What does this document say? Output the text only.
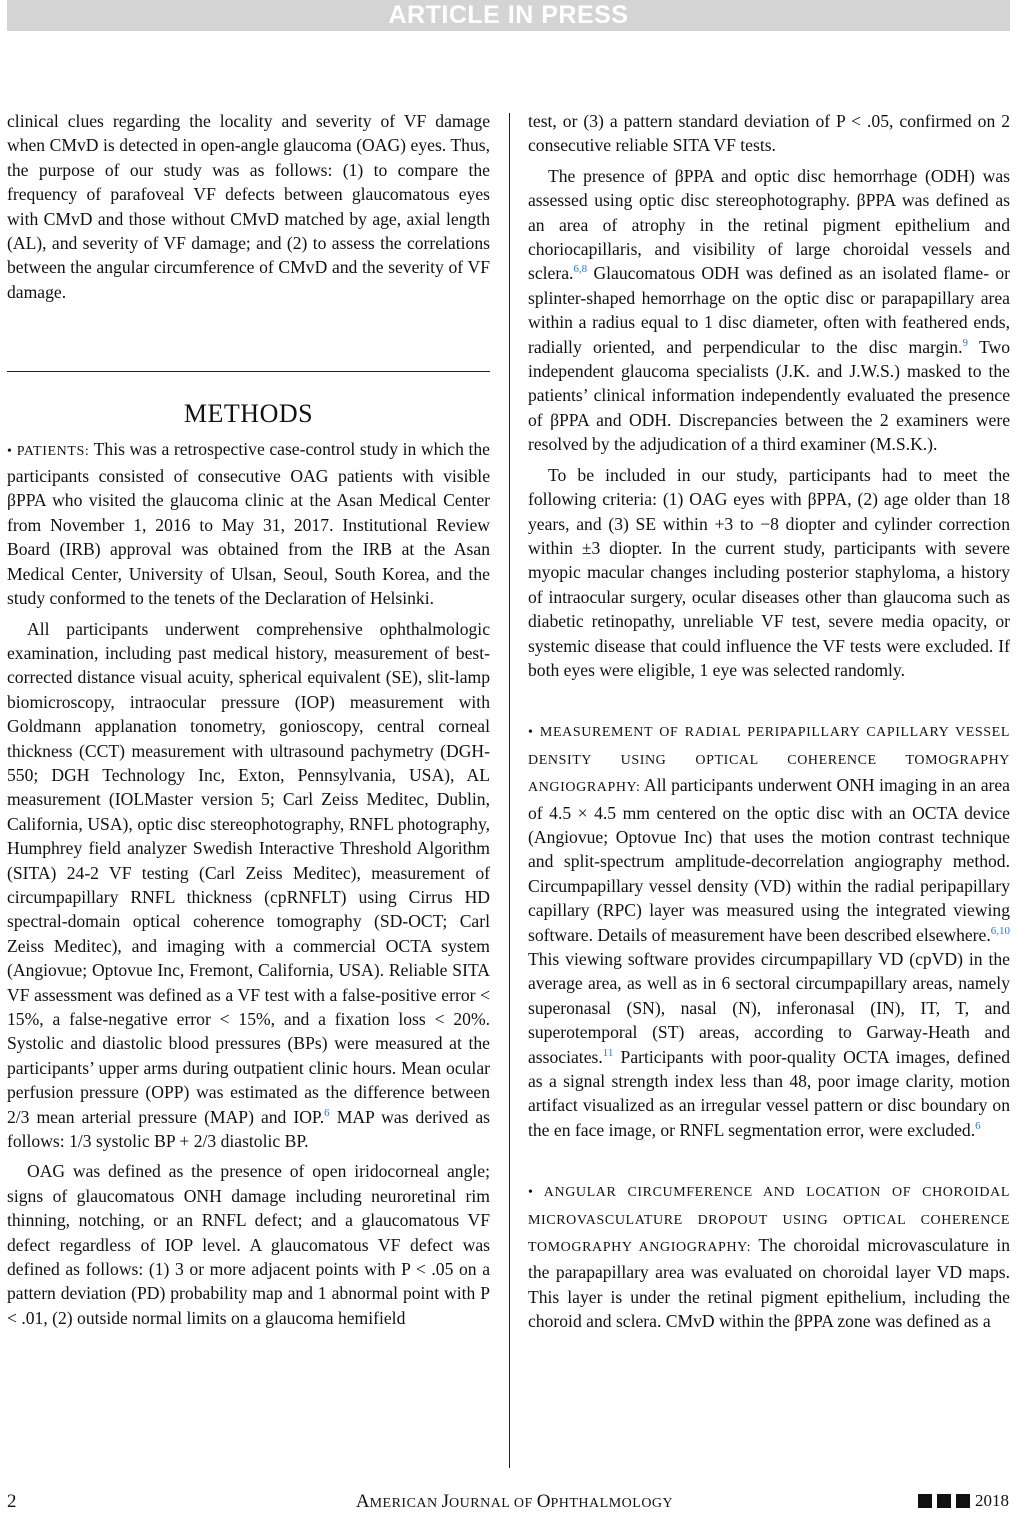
ARTICLE IN PRESS

clinical clues regarding the locality and severity of VF damage when CMvD is detected in open-angle glaucoma (OAG) eyes. Thus, the purpose of our study was as follows: (1) to compare the frequency of parafoveal VF defects between glaucomatous eyes with CMvD and those without CMvD matched by age, axial length (AL), and severity of VF damage; and (2) to assess the correlations between the angular circumference of CMvD and the severity of VF damage.

METHODS

• PATIENTS: This was a retrospective case-control study in which the participants consisted of consecutive OAG patients with visible βPPA who visited the glaucoma clinic at the Asan Medical Center from November 1, 2016 to May 31, 2017. Institutional Review Board (IRB) approval was obtained from the IRB at the Asan Medical Center, University of Ulsan, Seoul, South Korea, and the study conformed to the tenets of the Declaration of Helsinki.

All participants underwent comprehensive ophthalmologic examination, including past medical history, measurement of best-corrected distance visual acuity, spherical equivalent (SE), slit-lamp biomicroscopy, intraocular pressure (IOP) measurement with Goldmann applanation tonometry, gonioscopy, central corneal thickness (CCT) measurement with ultrasound pachymetry (DGH-550; DGH Technology Inc, Exton, Pennsylvania, USA), AL measurement (IOLMaster version 5; Carl Zeiss Meditec, Dublin, California, USA), optic disc stereophotography, RNFL photography, Humphrey field analyzer Swedish Interactive Threshold Algorithm (SITA) 24-2 VF testing (Carl Zeiss Meditec), measurement of circumpapillary RNFL thickness (cpRNFLT) using Cirrus HD spectral-domain optical coherence tomography (SD-OCT; Carl Zeiss Meditec), and imaging with a commercial OCTA system (Angiovue; Optovue Inc, Fremont, California, USA). Reliable SITA VF assessment was defined as a VF test with a false-positive error < 15%, a false-negative error < 15%, and a fixation loss < 20%. Systolic and diastolic blood pressures (BPs) were measured at the participants’ upper arms during outpatient clinic hours. Mean ocular perfusion pressure (OPP) was estimated as the difference between 2/3 mean arterial pressure (MAP) and IOP.$^6$ MAP was derived as follows: 1/3 systolic BP + 2/3 diastolic BP.

OAG was defined as the presence of open iridocorneal angle; signs of glaucomatous ONH damage including neuroretinal rim thinning, notching, or an RNFL defect; and a glaucomatous VF defect regardless of IOP level. A glaucomatous VF defect was defined as follows: (1) 3 or more adjacent points with P < .05 on a pattern deviation (PD) probability map and 1 abnormal point with P < .01, (2) outside normal limits on a glaucoma hemifield

test, or (3) a pattern standard deviation of P < .05, confirmed on 2 consecutive reliable SITA VF tests.

The presence of βPPA and optic disc hemorrhage (ODH) was assessed using optic disc stereophotography. βPPA was defined as an area of atrophy in the retinal pigment epithelium and choriocapillaris, and visibility of large choroidal vessels and sclera.$^{6,8}$ Glaucomatous ODH was defined as an isolated flame- or splinter-shaped hemorrhage on the optic disc or parapapillary area within a radius equal to 1 disc diameter, often with feathered ends, radially oriented, and perpendicular to the disc margin.$^9$ Two independent glaucoma specialists (J.K. and J.W.S.) masked to the patients’ clinical information independently evaluated the presence of βPPA and ODH. Discrepancies between the 2 examiners were resolved by the adjudication of a third examiner (M.S.K.).

To be included in our study, participants had to meet the following criteria: (1) OAG eyes with βPPA, (2) age older than 18 years, and (3) SE within +3 to −8 diopter and cylinder correction within ±3 diopter. In the current study, participants with severe myopic macular changes including posterior staphyloma, a history of intraocular surgery, ocular diseases other than glaucoma such as diabetic retinopathy, unreliable VF test, severe media opacity, or systemic disease that could influence the VF tests were excluded. If both eyes were eligible, 1 eye was selected randomly.

• MEASUREMENT OF RADIAL PERIPAPILLARY CAPILLARY VESSEL DENSITY USING OPTICAL COHERENCE TOMOGRAPHY ANGIOGRAPHY: All participants underwent ONH imaging in an area of 4.5 × 4.5 mm centered on the optic disc with an OCTA device (Angiovue; Optovue Inc) that uses the motion contrast technique and split-spectrum amplitude-decorrelation angiography method. Circumpapillary vessel density (VD) within the radial peripapillary capillary (RPC) layer was measured using the integrated viewing software. Details of measurement have been described elsewhere.$^{6,10}$ This viewing software provides circumpapillary VD (cpVD) in the average area, as well as in 6 sectoral circumpapillary areas, namely superonasal (SN), nasal (N), inferonasal (IN), IT, T, and superotemporal (ST) areas, according to Garway-Heath and associates.$^{11}$ Participants with poor-quality OCTA images, defined as a signal strength index less than 48, poor image clarity, motion artifact visualized as an irregular vessel pattern or disc boundary on the en face image, or RNFL segmentation error, were excluded.$^6$

• ANGULAR CIRCUMFERENCE AND LOCATION OF CHOROIDAL MICROVASCULATURE DROPOUT USING OPTICAL COHERENCE TOMOGRAPHY ANGIOGRAPHY: The choroidal microvasculature in the parapapillary area was evaluated on choroidal layer VD maps. This layer is under the retinal pigment epithelium, including the choroid and sclera. CMvD within the βPPA zone was defined as a

2	AMERICAN JOURNAL OF OPHTHALMOLOGY	2018
